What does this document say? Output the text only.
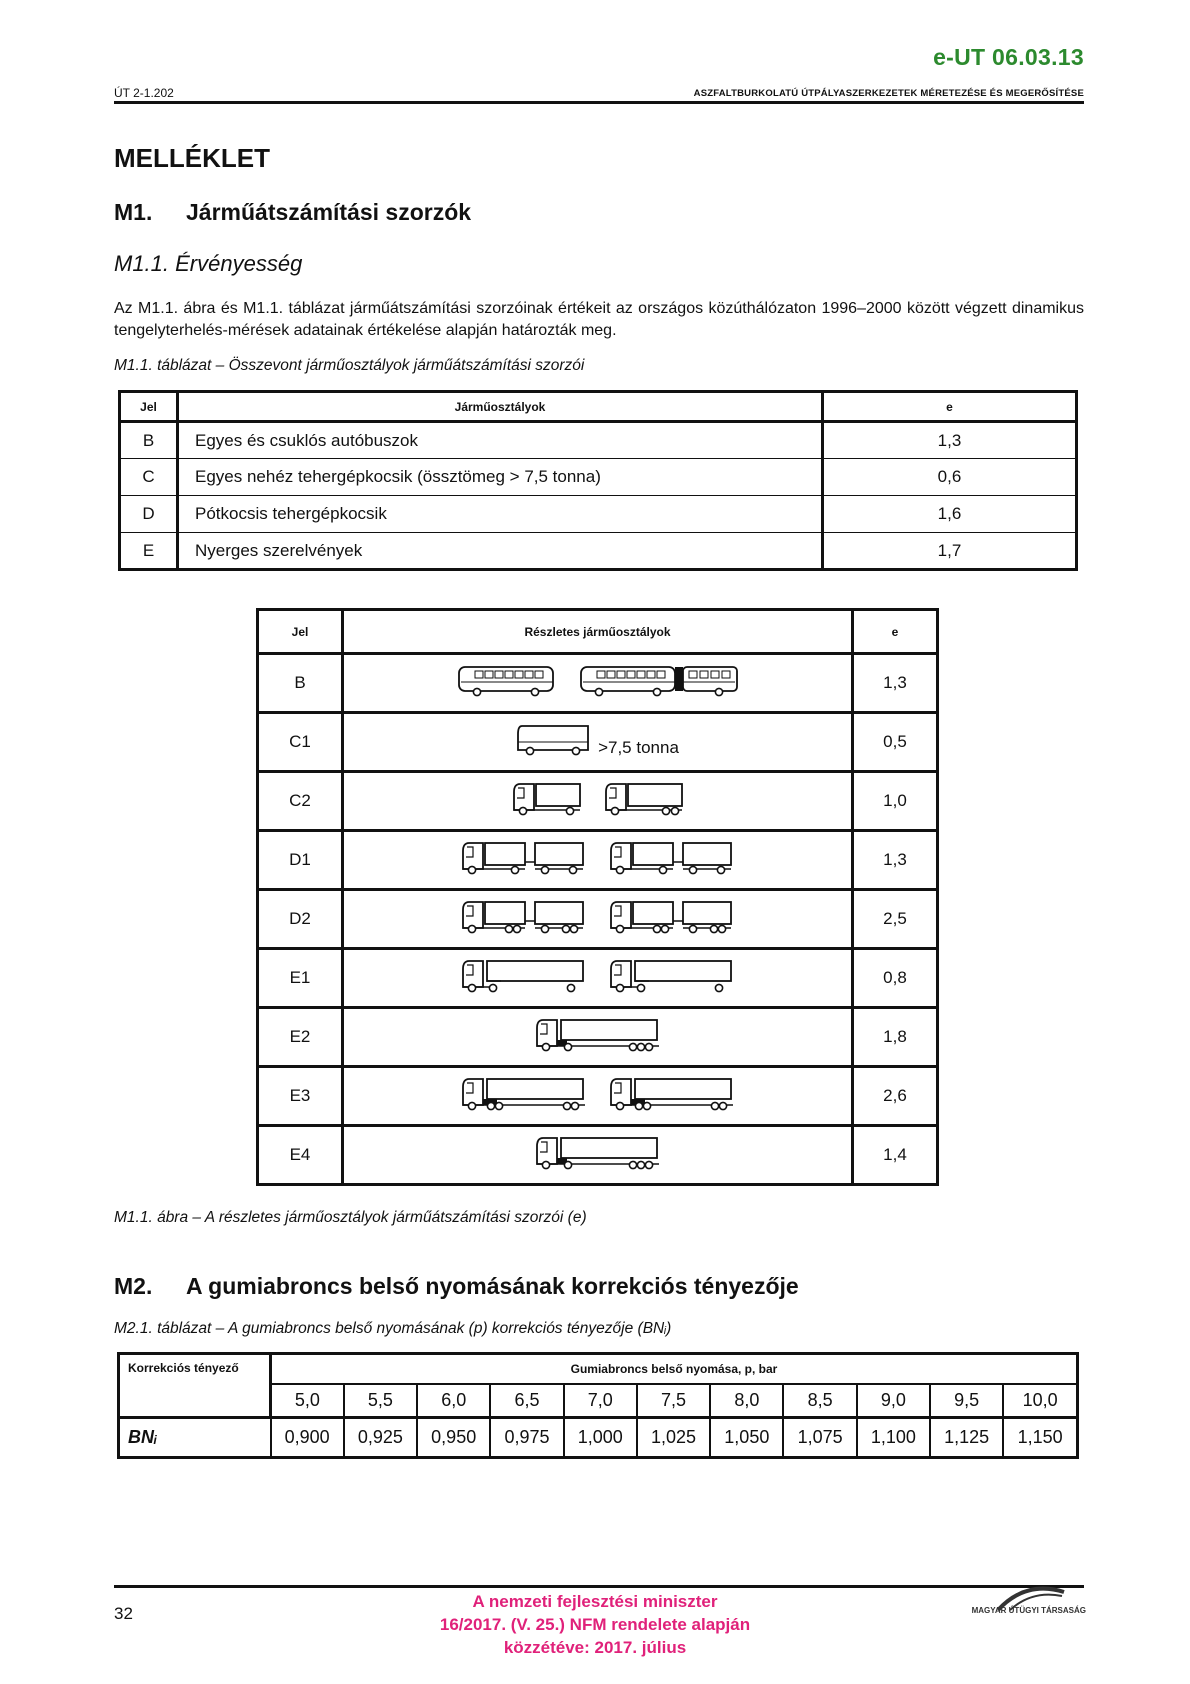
e-UT 06.03.13
ÚT 2-1.202	ASZFALTBURKOLATÚ ÚTPÁLYASZERKEZETEK MÉRETEZÉSE ÉS MEGERŐSÍTÉSE
MELLÉKLET
M1. Járműátszámítási szorzók
M1.1. Érvényesség
Az M1.1. ábra és M1.1. táblázat járműátszámítási szorzóinak értékeit az országos közúthálózaton 1996–2000 között végzett dinamikus tengelyterhelés-mérések adatainak értékelése alapján határozták meg.
M1.1. táblázat – Összevont járműosztályok járműátszámítási szorzói
Jel	Járműosztályok	e
B	Egyes és csuklós autóbuszok	1,3
C	Egyes nehéz tehergépkocsik (össztömeg > 7,5 tonna)	0,6
D	Pótkocsis tehergépkocsik	1,6
E	Nyerges szerelvények	1,7
Jel	Részletes járműosztályok	e
B		1,3
C1	>7,5 tonna	0,5
C2		1,0
D1		1,3
D2		2,5
E1		0,8
E2		1,8
E3		2,6
E4		1,4
M1.1. ábra – A részletes járműosztályok járműátszámítási szorzói (e)
M2. A gumiabroncs belső nyomásának korrekciós tényezője
M2.1. táblázat – A gumiabroncs belső nyomásának (p) korrekciós tényezője (BNᵢ)
Korrekciós tényező	Gumiabroncs belső nyomása, p, bar										
	5,0	5,5	6,0	6,5	7,0	7,5	8,0	8,5	9,0	9,5	10,0
BNᵢ	0,900	0,925	0,950	0,975	1,000	1,025	1,050	1,075	1,100	1,125	1,150
32
A nemzeti fejlesztési miniszter
16/2017. (V. 25.) NFM rendelete alapján
közzétéve: 2017. július
MAGYAR ÚTÜGYI TÁRSASÁG
